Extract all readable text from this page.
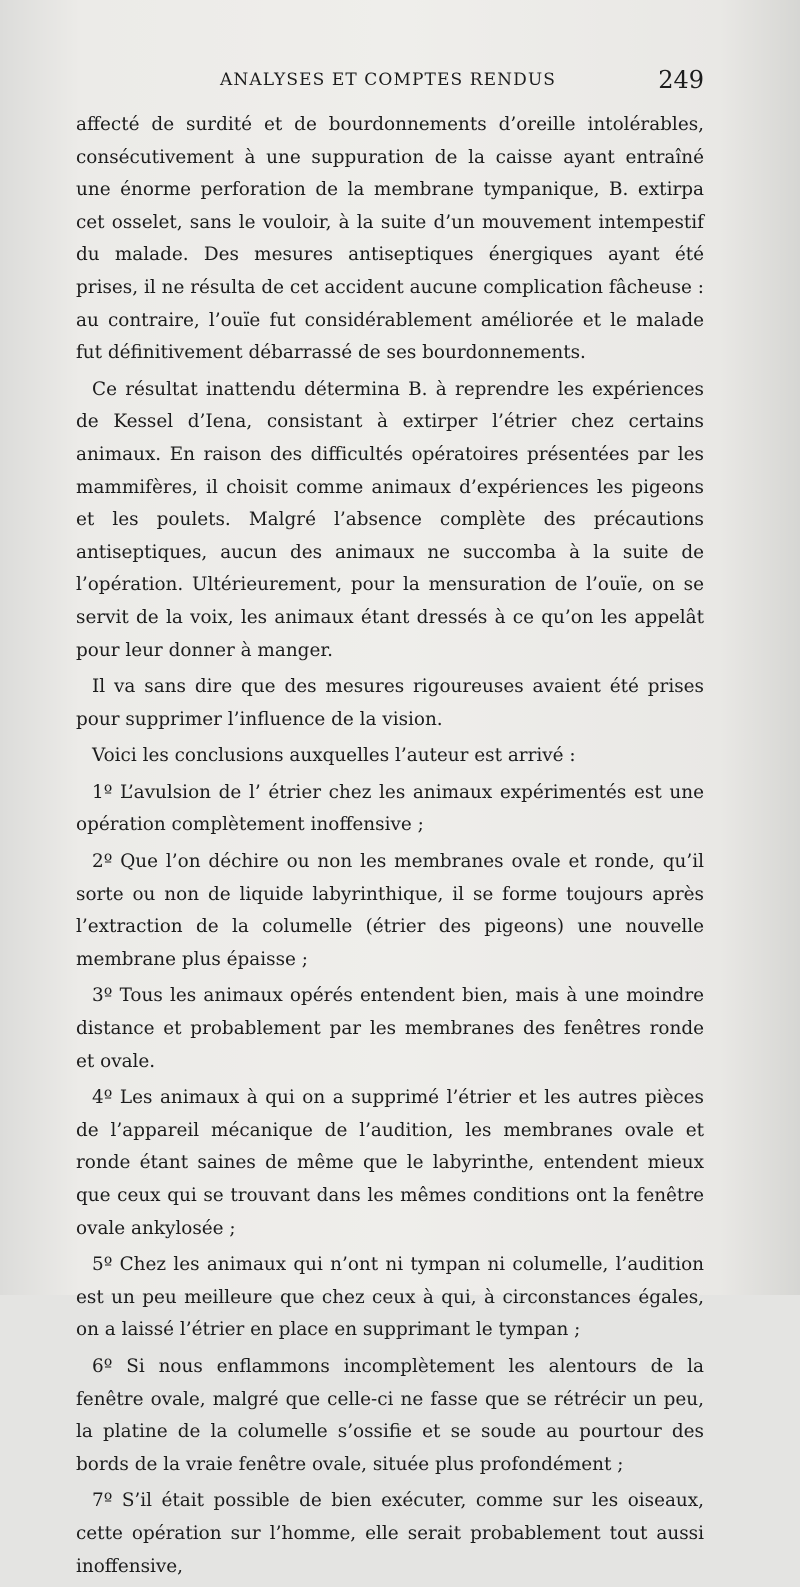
ANALYSES ET COMPTES RENDUS	249

affecté de surdité et de bourdonnements d’oreille intolérables, consécutivement à une suppuration de la caisse ayant entraîné une énorme perforation de la membrane tympanique, B. extirpa cet osselet, sans le vouloir, à la suite d’un mouvement intempestif du malade. Des mesures antiseptiques énergiques ayant été prises, il ne résulta de cet accident aucune complication fâcheuse : au contraire, l’ouïe fut considérablement améliorée et le malade fut définitivement débarrassé de ses bourdonnements.

Ce résultat inattendu détermina B. à reprendre les expériences de Kessel d’Iena, consistant à extirper l’étrier chez certains animaux. En raison des difficultés opératoires présentées par les mammifères, il choisit comme animaux d’expériences les pigeons et les poulets. Malgré l’absence complète des précautions antiseptiques, aucun des animaux ne succomba à la suite de l’opération. Ultérieurement, pour la mensuration de l’ouïe, on se servit de la voix, les animaux étant dressés à ce qu’on les appelât pour leur donner à manger.

Il va sans dire que des mesures rigoureuses avaient été prises pour supprimer l’influence de la vision.

Voici les conclusions auxquelles l’auteur est arrivé :

1º L’avulsion de l’ étrier chez les animaux expérimentés est une opération complètement inoffensive ;

2º Que l’on déchire ou non les membranes ovale et ronde, qu’il sorte ou non de liquide labyrinthique, il se forme toujours après l’extraction de la columelle (étrier des pigeons) une nouvelle membrane plus épaisse ;

3º Tous les animaux opérés entendent bien, mais à une moindre distance et probablement par les membranes des fenêtres ronde et ovale.

4º Les animaux à qui on a supprimé l’étrier et les autres pièces de l’appareil mécanique de l’audition, les membranes ovale et ronde étant saines de même que le labyrinthe, entendent mieux que ceux qui se trouvant dans les mêmes conditions ont la fenêtre ovale ankylosée ;

5º Chez les animaux qui n’ont ni tympan ni columelle, l’audition est un peu meilleure que chez ceux à qui, à circonstances égales, on a laissé l’étrier en place en supprimant le tympan ;

6º Si nous enflammons incomplètement les alentours de la fenêtre ovale, malgré que celle-ci ne fasse que se rétrécir un peu, la platine de la columelle s’ossifie et se soude au pourtour des bords de la vraie fenêtre ovale, située plus profondément ;

7º S’il était possible de bien exécuter, comme sur les oiseaux, cette opération sur l’homme, elle serait probablement tout aussi inoffensive,
